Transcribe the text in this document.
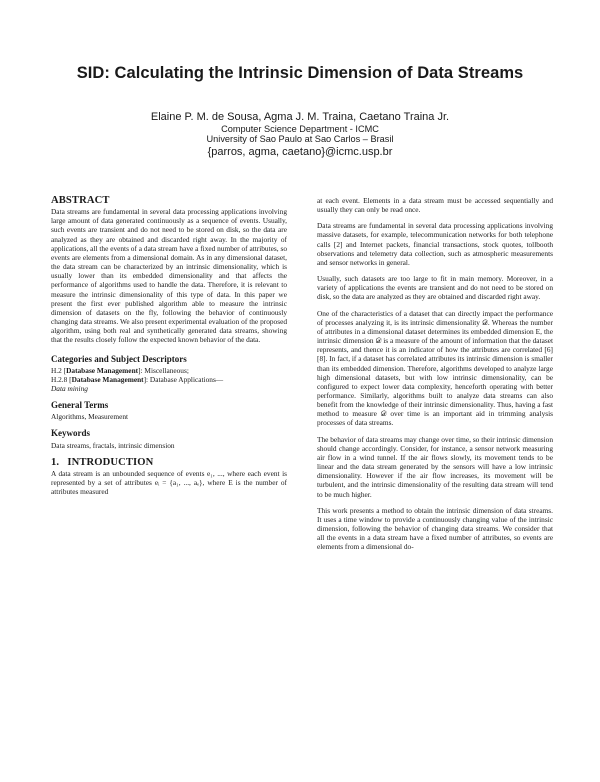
SID: Calculating the Intrinsic Dimension of Data Streams
Elaine P. M. de Sousa, Agma J. M. Traina, Caetano Traina Jr.
Computer Science Department - ICMC
University of Sao Paulo at Sao Carlos – Brasil
{parros, agma, caetano}@icmc.usp.br
ABSTRACT

Data streams are fundamental in several data processing applications involving large amount of data generated continuously as a sequence of events. Usually, such events are transient and do not need to be stored on disk, so the data are analyzed as they are obtained and discarded right away. In the majority of applications, all the events of a data stream have a fixed number of attributes, so events are elements from a dimensional domain. As in any dimensional dataset, the data stream can be characterized by an intrinsic dimensionality, which is usually lower than its embedded dimensionality and that affects the performance of algorithms used to handle the data. Therefore, it is relevant to measure the intrinsic dimensionality of this type of data. In this paper we present the first ever published algorithm able to measure the intrinsic dimension of datasets on the fly, following the behavior of continuously changing data streams. We also present experimental evaluation of the proposed algorithm, using both real and synthetically generated data streams, showing that the results closely follow the expected known behavior of the data.

Categories and Subject Descriptors

H.2 [Database Management]: Miscellaneous;
H.2.8 [Database Management]: Database Applications—
Data mining

General Terms

Algorithms, Measurement

Keywords

Data streams, fractals, intrinsic dimension

1.   INTRODUCTION

A data stream is an unbounded sequence of events e₁, ..., where each event is represented by a set of attributes eᵢ = {a₁, ..., aₑ}, where E is the number of attributes measured

at each event. Elements in a data stream must be accessed sequentially and usually they can only be read once.

Data streams are fundamental in several data processing applications involving massive datasets, for example, telecommunication networks for both telephone calls [2] and Internet packets, financial transactions, stock quotes, tollbooth observations and telemetry data collection, such as atmospheric measurements and sensor networks in general.

Usually, such datasets are too large to fit in main memory. Moreover, in a variety of applications the events are transient and do not need to be stored on disk, so the data are analyzed as they are obtained and discarded right away.

One of the characteristics of a dataset that can directly impact the performance of processes analyzing it, is its intrinsic dimensionality 𝒟. Whereas the number of attributes in a dimensional dataset determines its embedded dimension E, the intrinsic dimension 𝒟 is a measure of the amount of information that the dataset represents, and thence it is an indicator of how the attributes are correlated [6] [8]. In fact, if a dataset has correlated attributes its intrinsic dimension is smaller than its embedded dimension. Therefore, algorithms developed to analyze large high dimensional datasets, but with low intrinsic dimensionality, can be configured to expect lower data complexity, henceforth operating with better performance. Similarly, algorithms built to analyze data streams can also benefit from the knowledge of their intrinsic dimensionality. Thus, having a fast method to measure 𝒟 over time is an important aid in trimming analysis processes of data streams.

The behavior of data streams may change over time, so their intrinsic dimension should change accordingly. Consider, for instance, a sensor network measuring air flow in a wind tunnel. If the air flows slowly, its movement tends to be linear and the data stream generated by the sensors will have a low intrinsic dimensionality. However if the air flow increases, its movement will be turbulent, and the intrinsic dimensionality of the resulting data stream will tend to be much higher.

This work presents a method to obtain the intrinsic dimension of data streams. It uses a time window to provide a continuously changing value of the intrinsic dimension, following the behavior of changing data streams. We consider that all the events in a data stream have a fixed number of attributes, so events are elements from a dimensional do-
